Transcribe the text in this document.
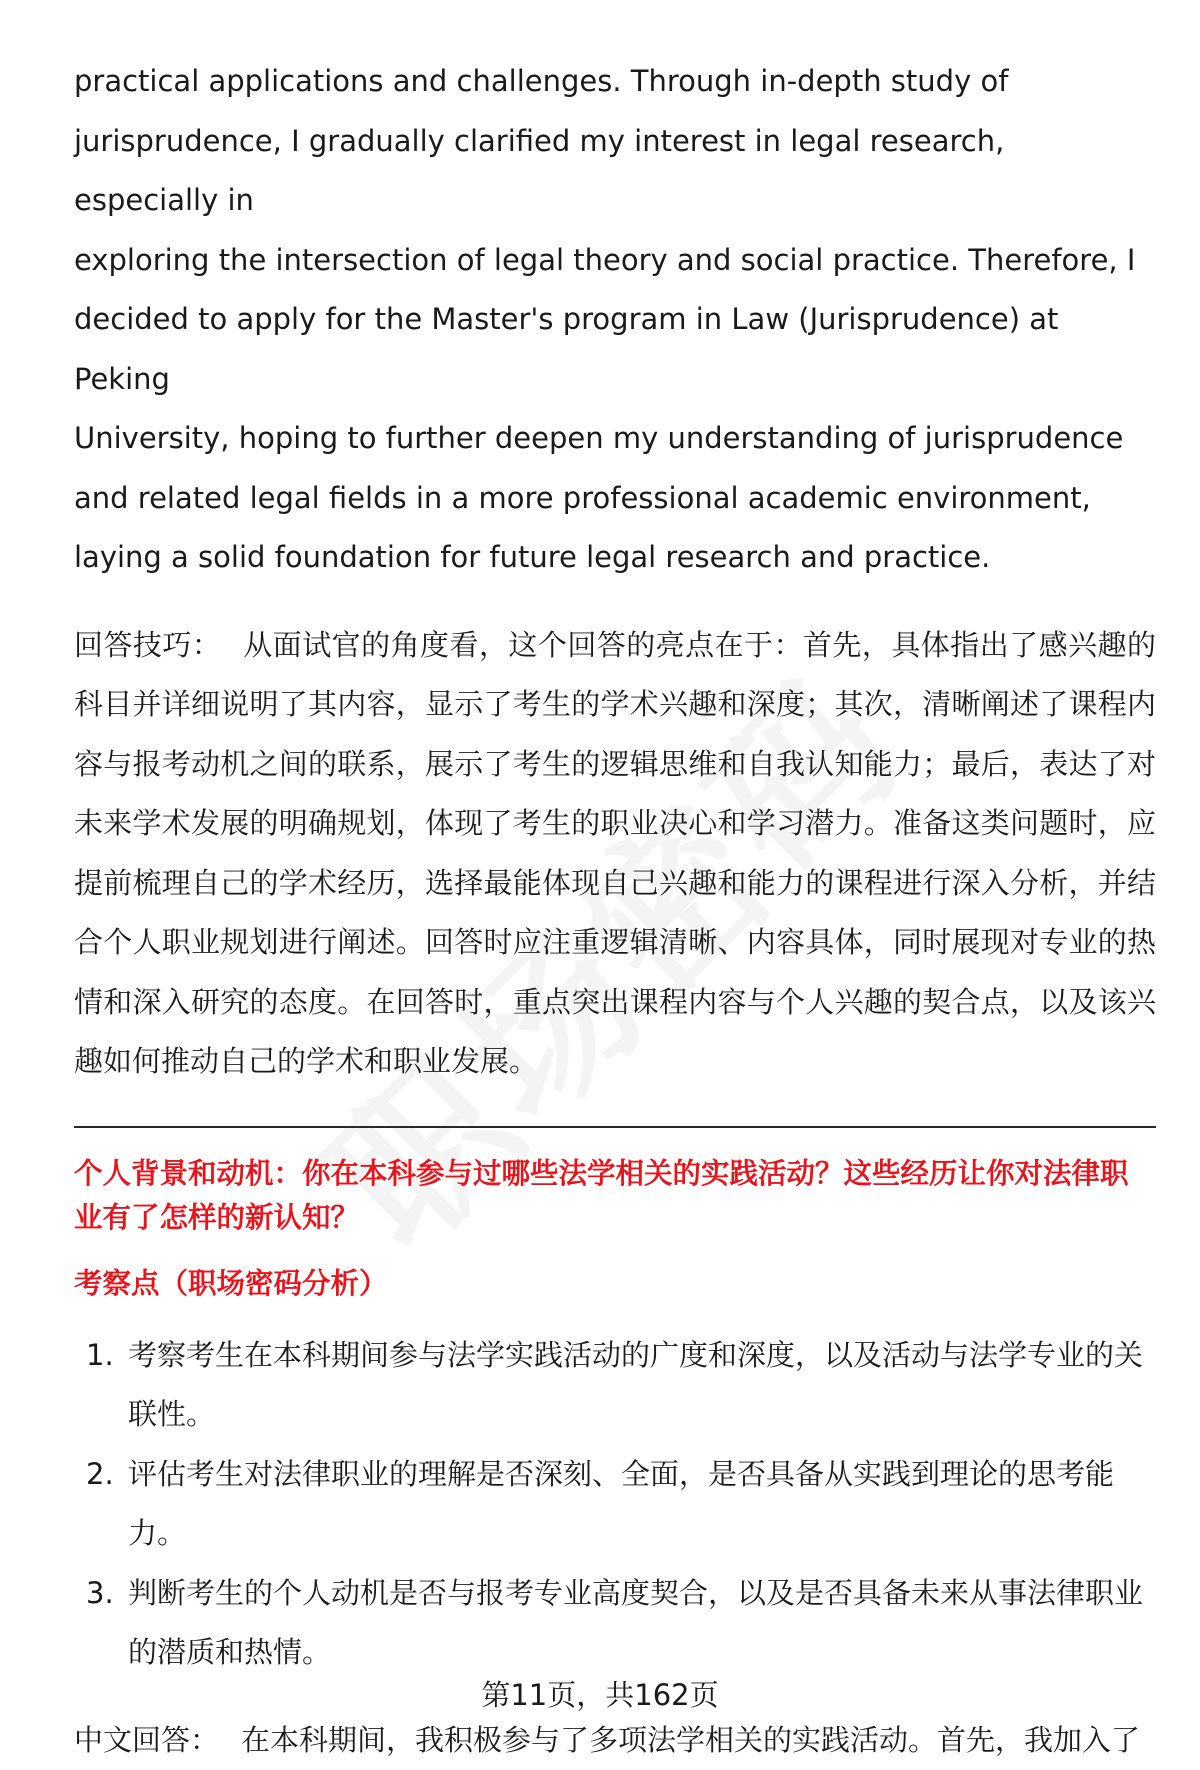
practical applications and challenges. Through in-depth study of

jurisprudence, I gradually clarified my interest in legal research, especially in

exploring the intersection of legal theory and social practice. Therefore, I

decided to apply for the Master's program in Law (Jurisprudence) at Peking

University, hoping to further deepen my understanding of jurisprudence

and related legal fields in a more professional academic environment,

laying a solid foundation for future legal research and practice.

回答技巧： 从面试官的角度看，这个回答的亮点在于：首先，具体指出了感兴趣的科目并详细说明了其内容，显示了考生的学术兴趣和深度；其次，清晰阐述了课程内容与报考动机之间的联系，展示了考生的逻辑思维和自我认知能力；最后，表达了对未来学术发展的明确规划，体现了考生的职业决心和学习潜力。准备这类问题时，应提前梳理自己的学术经历，选择最能体现自己兴趣和能力的课程进行深入分析，并结合个人职业规划进行阐述。回答时应注重逻辑清晰、内容具体，同时展现对专业的热情和深入研究的态度。在回答时，重点突出课程内容与个人兴趣的契合点，以及该兴趣如何推动自己的学术和职业发展。

个人背景和动机：你在本科参与过哪些法学相关的实践活动？这些经历让你对法律职业有了怎样的新认知？

考察点（职场密码分析）

1. 考察考生在本科期间参与法学实践活动的广度和深度，以及活动与法学专业的关联性。
2. 评估考生对法律职业的理解是否深刻、全面，是否具备从实践到理论的思考能力。
3. 判断考生的个人动机是否与报考专业高度契合，以及是否具备未来从事法律职业的潜质和热情。

中文回答： 在本科期间，我积极参与了多项法学相关的实践活动。首先，我加入了

第11页，共162页
